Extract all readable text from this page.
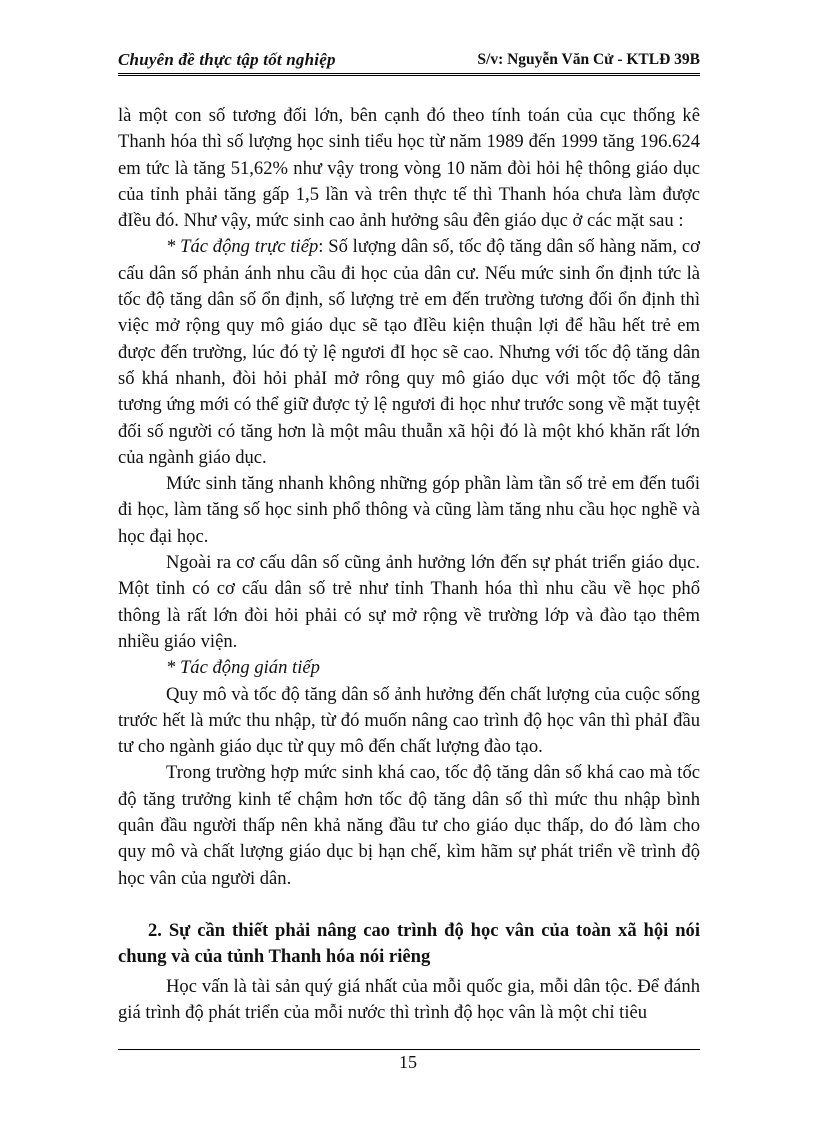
Chuyên đề thực tập tốt nghiệp	S/v: Nguyễn Văn Cử - KTLĐ 39B

là một con số tương đối lớn, bên cạnh đó theo tính toán của cục thống kê Thanh hóa thì số lượng học sinh tiểu học từ năm 1989 đến 1999 tăng 196.624 em tức là tăng 51,62% như vậy trong vòng 10 năm đòi hỏi hệ thông giáo dục của tỉnh phải tăng gấp 1,5 lần và trên thực tế thì Thanh hóa chưa làm được đIều đó. Như vậy, mức sinh cao ảnh hưởng sâu đên giáo dục ở các mặt sau :

* Tác động trực tiếp: Số lượng dân số, tốc độ tăng dân số hàng năm, cơ cấu dân số phản ánh nhu cầu đi học của dân cư. Nếu mức sinh ổn định tức là tốc độ tăng dân số ổn định, số lượng trẻ em đến trường tương đối ổn định thì việc mở rộng quy mô giáo dục sẽ tạo đIều kiện thuận lợi để hầu hết trẻ em được đến trường, lúc đó tỷ lệ ngươi đI học sẽ cao. Nhưng với tốc độ tăng dân số khá nhanh, đòi hỏi phảI mở rông quy mô giáo dục với một tốc độ tăng tương ứng mới có thể giữ được tỷ lệ ngươi đi học như trước song về mặt tuyệt đối số người có tăng hơn là một mâu thuẫn xã hội đó là một khó khăn rất lớn của ngành giáo dục.

Mức sinh tăng nhanh không những góp phần làm tần số trẻ em đến tuổi đi học, làm tăng số học sinh phổ thông và cũng làm tăng nhu cầu học nghề và học đại học.

Ngoài ra cơ cấu dân số cũng ảnh hưởng lớn đến sự phát triển giáo dục. Một tỉnh có cơ cấu dân số trẻ như tỉnh Thanh hóa thì nhu cầu về học phổ thông là rất lớn đòi hỏi phải có sự mở rộng về trường lớp và đào tạo thêm nhiều giáo viện.

* Tác động gián tiếp

Quy mô và tốc độ tăng dân số ảnh hưởng đến chất lượng của cuộc sống trước hết là mức thu nhập, từ đó muốn nâng cao trình độ học vân thì phảI đầu tư cho ngành giáo dục từ quy mô đến chất lượng đào tạo.

Trong trường hợp mức sinh khá cao, tốc độ tăng dân số khá cao mà tốc độ tăng trưởng kinh tế chậm hơn tốc độ tăng dân số thì mức thu nhập bình quân đầu người thấp nên khả năng đầu tư cho giáo dục thấp, do đó làm cho quy mô và chất lượng giáo dục bị hạn chế, kìm hãm sự phát triển về trình độ học vân của người dân.

2. Sự cần thiết phải nâng cao trình độ học vân của toàn xã hội nói chung và của tủnh Thanh hóa nói riêng

Học vấn là tài sản quý giá nhất của mỗi quốc gia, mỗi dân tộc. Để đánh giá trình độ phát triển của mỗi nước thì trình độ học vân là một chỉ tiêu

15
